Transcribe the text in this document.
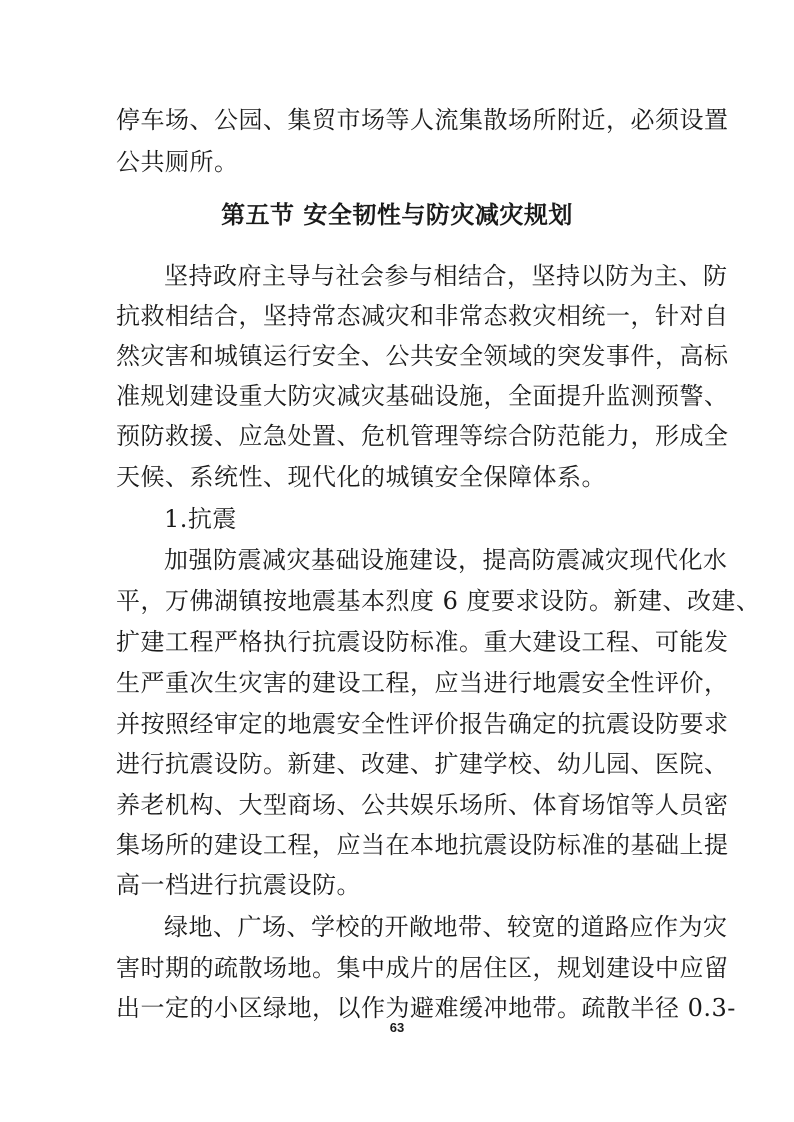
停车场、公园、集贸市场等人流集散场所附近，必须设置
公共厕所。
第五节 安全韧性与防灾减灾规划
坚持政府主导与社会参与相结合，坚持以防为主、防
抗救相结合，坚持常态减灾和非常态救灾相统一，针对自
然灾害和城镇运行安全、公共安全领域的突发事件，高标
准规划建设重大防灾减灾基础设施，全面提升监测预警、
预防救援、应急处置、危机管理等综合防范能力，形成全
天候、系统性、现代化的城镇安全保障体系。
1.抗震
加强防震减灾基础设施建设，提高防震减灾现代化水
平，万佛湖镇按地震基本烈度 6 度要求设防。新建、改建、
扩建工程严格执行抗震设防标准。重大建设工程、可能发
生严重次生灾害的建设工程，应当进行地震安全性评价，
并按照经审定的地震安全性评价报告确定的抗震设防要求
进行抗震设防。新建、改建、扩建学校、幼儿园、医院、
养老机构、大型商场、公共娱乐场所、体育场馆等人员密
集场所的建设工程，应当在本地抗震设防标准的基础上提
高一档进行抗震设防。
绿地、广场、学校的开敞地带、较宽的道路应作为灾
害时期的疏散场地。集中成片的居住区，规划建设中应留
出一定的小区绿地，以作为避难缓冲地带。疏散半径 0.3-
63
